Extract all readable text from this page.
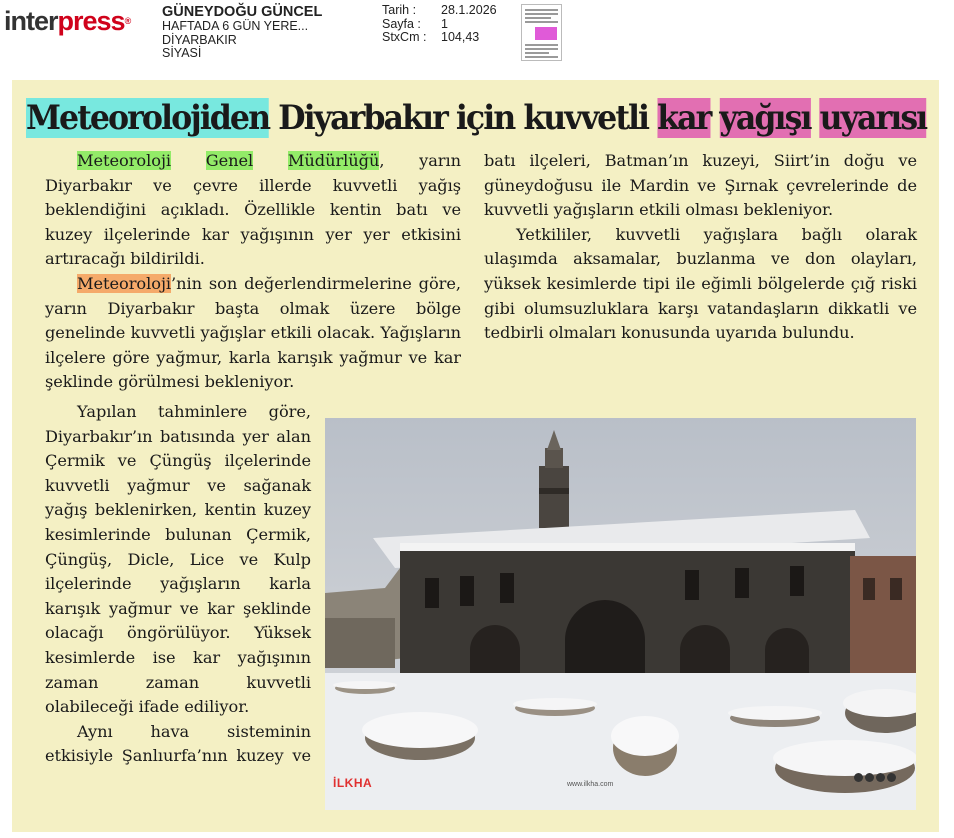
interpress®
GÜNEYDOĞU GÜNCEL
HAFTADA 6 GÜN YERE...
DİYARBAKIR
SİYASİ
Tarih :
Sayfa :
StxCm :
28.1.2026
1
104,43
Meteorolojiden Diyarbakır için kuvvetli kar yağışı uyarısı

Meteoroloji Genel Müdürlüğü, yarın Diyarbakır ve çevre illerde kuvvetli yağış beklendiğini açıkladı. Özellikle kentin batı ve kuzey ilçelerinde kar yağışının yer yer etkisini artıracağı bildirildi.

Meteoroloji’nin son değerlendirmelerine göre, yarın Diyarbakır başta olmak üzere bölge genelinde kuvvetli yağışlar etkili olacak. Yağışların ilçelere göre yağmur, karla karışık yağmur ve kar şeklinde görülmesi bekleniyor.

Yapılan tahminlere göre, Diyarbakır’ın batısında yer alan Çermik ve Çüngüş ilçelerinde kuvvetli yağmur ve sağanak yağış beklenirken, kentin kuzey kesimlerinde bulunan Çermik, Çüngüş, Dicle, Lice ve Kulp ilçelerinde yağışların karla karışık yağmur ve kar şeklinde olacağı öngörülüyor. Yüksek kesimlerde ise kar yağışının zaman zaman kuvvetli olabileceği ifade ediliyor.

Aynı hava sisteminin etkisiyle Şanlıurfa’nın kuzey ve

batı ilçeleri, Batman’ın kuzeyi, Siirt’in doğu ve güneydoğusu ile Mardin ve Şırnak çevrelerinde de kuvvetli yağışların etkili olması bekleniyor.

Yetkililer, kuvvetli yağışlara bağlı olarak ulaşımda aksamalar, buzlanma ve don olayları, yüksek kesimlerde tipi ile eğimli bölgelerde çığ riski gibi olumsuzluklara karşı vatandaşların dikkatli ve tedbirli olmaları konusunda uyarıda bulundu.

İLKHA	www.ilkha.com
